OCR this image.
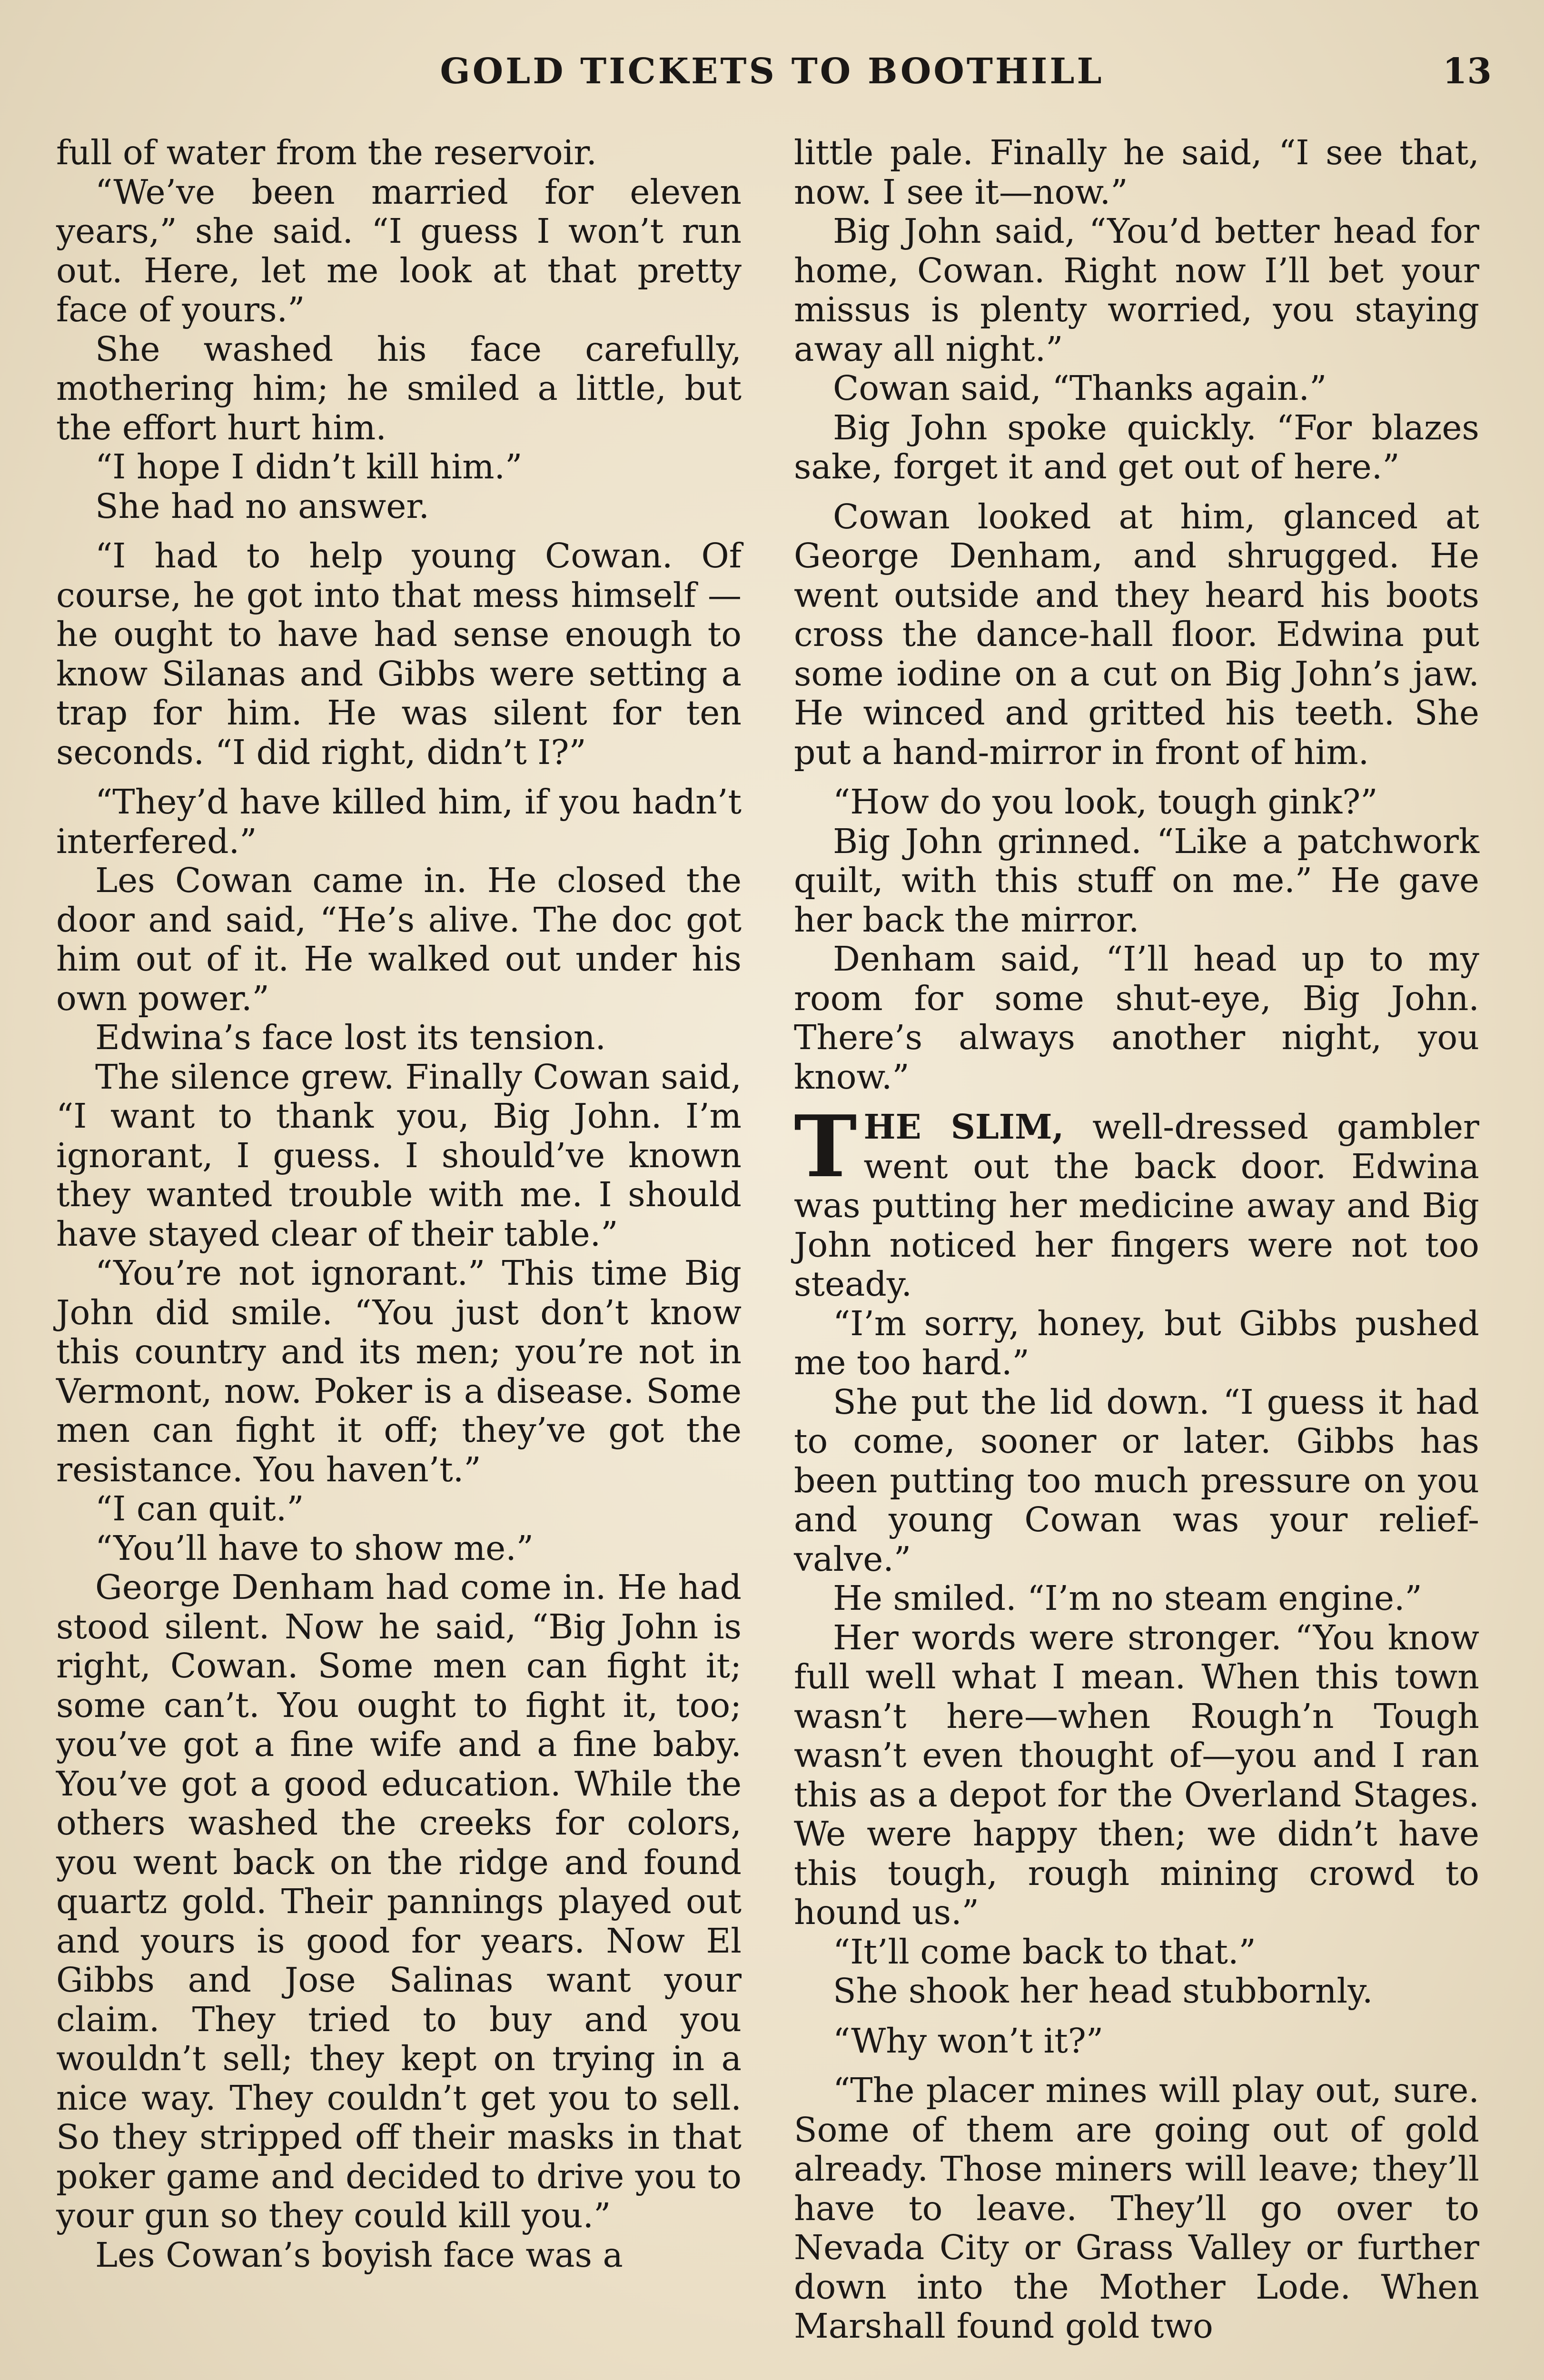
GOLD TICKETS TO BOOTHILL	13

full of water from the reservoir.

“We’ve been married for eleven years,” she said. “I guess I won’t run out. Here, let me look at that pretty face of yours.”

She washed his face carefully, mothering him; he smiled a little, but the effort hurt him.

“I hope I didn’t kill him.”

She had no answer.

“I had to help young Cowan. Of course, he got into that mess himself —he ought to have had sense enough to know Silanas and Gibbs were setting a trap for him. He was silent for ten seconds. “I did right, didn’t I?”

“They’d have killed him, if you hadn’t interfered.”

Les Cowan came in. He closed the door and said, “He’s alive. The doc got him out of it. He walked out under his own power.”

Edwina’s face lost its tension.

The silence grew. Finally Cowan said, “I want to thank you, Big John. I’m ignorant, I guess. I should’ve known they wanted trouble with me. I should have stayed clear of their table.”

“You’re not ignorant.” This time Big John did smile. “You just don’t know this country and its men; you’re not in Vermont, now. Poker is a disease. Some men can fight it off; they’ve got the resistance. You haven’t.”

“I can quit.”

“You’ll have to show me.”

George Denham had come in. He had stood silent. Now he said, “Big John is right, Cowan. Some men can fight it; some can’t. You ought to fight it, too; you’ve got a fine wife and a fine baby. You’ve got a good education. While the others washed the creeks for colors, you went back on the ridge and found quartz gold. Their pannings played out and yours is good for years. Now El Gibbs and Jose Salinas want your claim. They tried to buy and you wouldn’t sell; they kept on trying in a nice way. They couldn’t get you to sell. So they stripped off their masks in that poker game and decided to drive you to your gun so they could kill you.”

Les Cowan’s boyish face was a

little pale. Finally he said, “I see that, now. I see it—now.”

Big John said, “You’d better head for home, Cowan. Right now I’ll bet your missus is plenty worried, you staying away all night.”

Cowan said, “Thanks again.”

Big John spoke quickly. “For blazes sake, forget it and get out of here.”

Cowan looked at him, glanced at George Denham, and shrugged. He went outside and they heard his boots cross the dance-hall floor. Edwina put some iodine on a cut on Big John’s jaw. He winced and gritted his teeth. She put a hand-mirror in front of him.

“How do you look, tough gink?”

Big John grinned. “Like a patchwork quilt, with this stuff on me.” He gave her back the mirror.

Denham said, “I’ll head up to my room for some shut-eye, Big John. There’s always another night, you know.”

THE SLIM, well-dressed gambler went out the back door. Edwina was putting her medicine away and Big John noticed her fingers were not too steady.

“I’m sorry, honey, but Gibbs pushed me too hard.”

She put the lid down. “I guess it had to come, sooner or later. Gibbs has been putting too much pressure on you and young Cowan was your relief-valve.”

He smiled. “I’m no steam engine.”

Her words were stronger. “You know full well what I mean. When this town wasn’t here—when Rough’n Tough wasn’t even thought of—you and I ran this as a depot for the Overland Stages. We were happy then; we didn’t have this tough, rough mining crowd to hound us.”

“It’ll come back to that.”

She shook her head stubbornly.

“Why won’t it?”

“The placer mines will play out, sure. Some of them are going out of gold already. Those miners will leave; they’ll have to leave. They’ll go over to Nevada City or Grass Valley or further down into the Mother Lode. When Marshall found gold two
